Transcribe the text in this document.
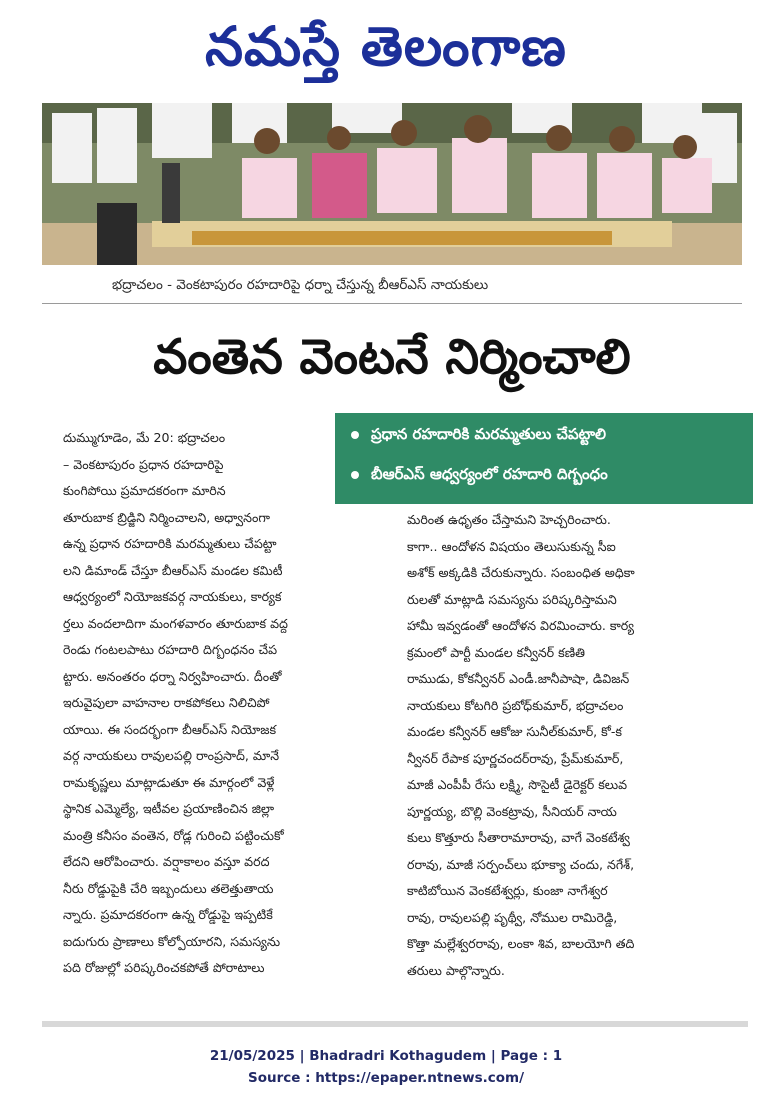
నమస్తే తెలంగాణ
భద్రాచలం - వెంకటాపురం రహదారిపై ధర్నా చేస్తున్న బీఆర్ఎస్ నాయకులు
వంతెన వెంటనే నిర్మించాలి
ప్రధాన రహదారికి మరమ్మతులు చేపట్టాలి
బీఆర్ఎస్ ఆధ్వర్యంలో రహదారి దిగ్బంధం

దుమ్ముగూడెం, మే 20: భద్రాచలం

– వెంకటాపురం ప్రధాన రహదారిపై

కుంగిపోయి ప్రమాదకరంగా మారిన

తూరుబాక బ్రిడ్జిని నిర్మించాలని, అధ్వానంగా

ఉన్న ప్రధాన రహదారికి మరమ్మతులు చేపట్టా

లని డిమాండ్ చేస్తూ బీఆర్ఎస్ మండల కమిటీ

ఆధ్వర్యంలో నియోజకవర్గ నాయకులు, కార్యక

ర్తలు వందలాదిగా మంగళవారం తూరుబాక వద్ద

రెండు గంటలపాటు రహదారి దిగ్బంధనం చేప

ట్టారు. అనంతరం ధర్నా నిర్వహించారు. దీంతో

ఇరువైపులా వాహనాల రాకపోకలు నిలిచిపో

యాయి. ఈ సందర్భంగా బీఆర్ఎస్ నియోజక

వర్గ నాయకులు రావులపల్లి రాంప్రసాద్, మానే

రామకృష్ణలు మాట్లాడుతూ ఈ మార్గంలో వెళ్లే

స్థానిక ఎమ్మెల్యే, ఇటీవల ప్రయాణించిన జిల్లా

మంత్రి కనీసం వంతెన, రోడ్ల గురించి పట్టించుకో

లేదని ఆరోపించారు. వర్షాకాలం వస్తూ వరద

నీరు రోడ్డుపైకి చేరి ఇబ్బందులు తలెత్తుతాయ

న్నారు. ప్రమాదకరంగా ఉన్న రోడ్డుపై ఇప్పటికే

ఐదుగురు ప్రాణాలు కోల్పోయారని, సమస్యను

పది రోజుల్లో పరిష్కరించకపోతే పోరాటాలు

మరింత ఉధృతం చేస్తామని హెచ్చరించారు.

కాగా.. ఆందోళన విషయం తెలుసుకున్న సీఐ

అశోక్ అక్కడికి చేరుకున్నారు. సంబంధిత అధికా

రులతో మాట్లాడి సమస్యను పరిష్కరిస్తామని

హామీ ఇవ్వడంతో ఆందోళన విరమించారు. కార్య

క్రమంలో పార్టీ మండల కన్వీనర్ కణితి

రాముడు, కోకన్వీనర్ ఎండీ.జానీపాషా, డివిజన్

నాయకులు కోటగిరి ప్రబోధ్‌కుమార్, భద్రాచలం

మండల కన్వీనర్ ఆకోజు సునీల్‌కుమార్, కో-క

న్వీనర్ రేపాక పూర్ణచందర్‌రావు, ప్రేమ్‌కుమార్,

మాజీ ఎంపీపీ రేసు లక్ష్మి, సొసైటీ డైరెక్టర్ కలువ

పూర్ణయ్య, బొల్లి వెంకట్రావు, సీనియర్ నాయ

కులు కొత్తూరు సీతారామారావు, వాగే వెంకటేశ్వ

రరావు, మాజీ సర్పంచ్‌లు భూక్యా చందు, నగేశ్,

కాటిబోయిన వెంకటేశ్వర్లు, కుంజా నాగేశ్వర

రావు, రావులపల్లి పృథ్వీ, నోముల రామిరెడ్డి,

కొత్తా మల్లేశ్వరరావు, లంకా శివ, బాలయోగి తది

తరులు పాల్గొన్నారు.

21/05/2025 | Bhadradri Kothagudem | Page : 1
Source : https://epaper.ntnews.com/
